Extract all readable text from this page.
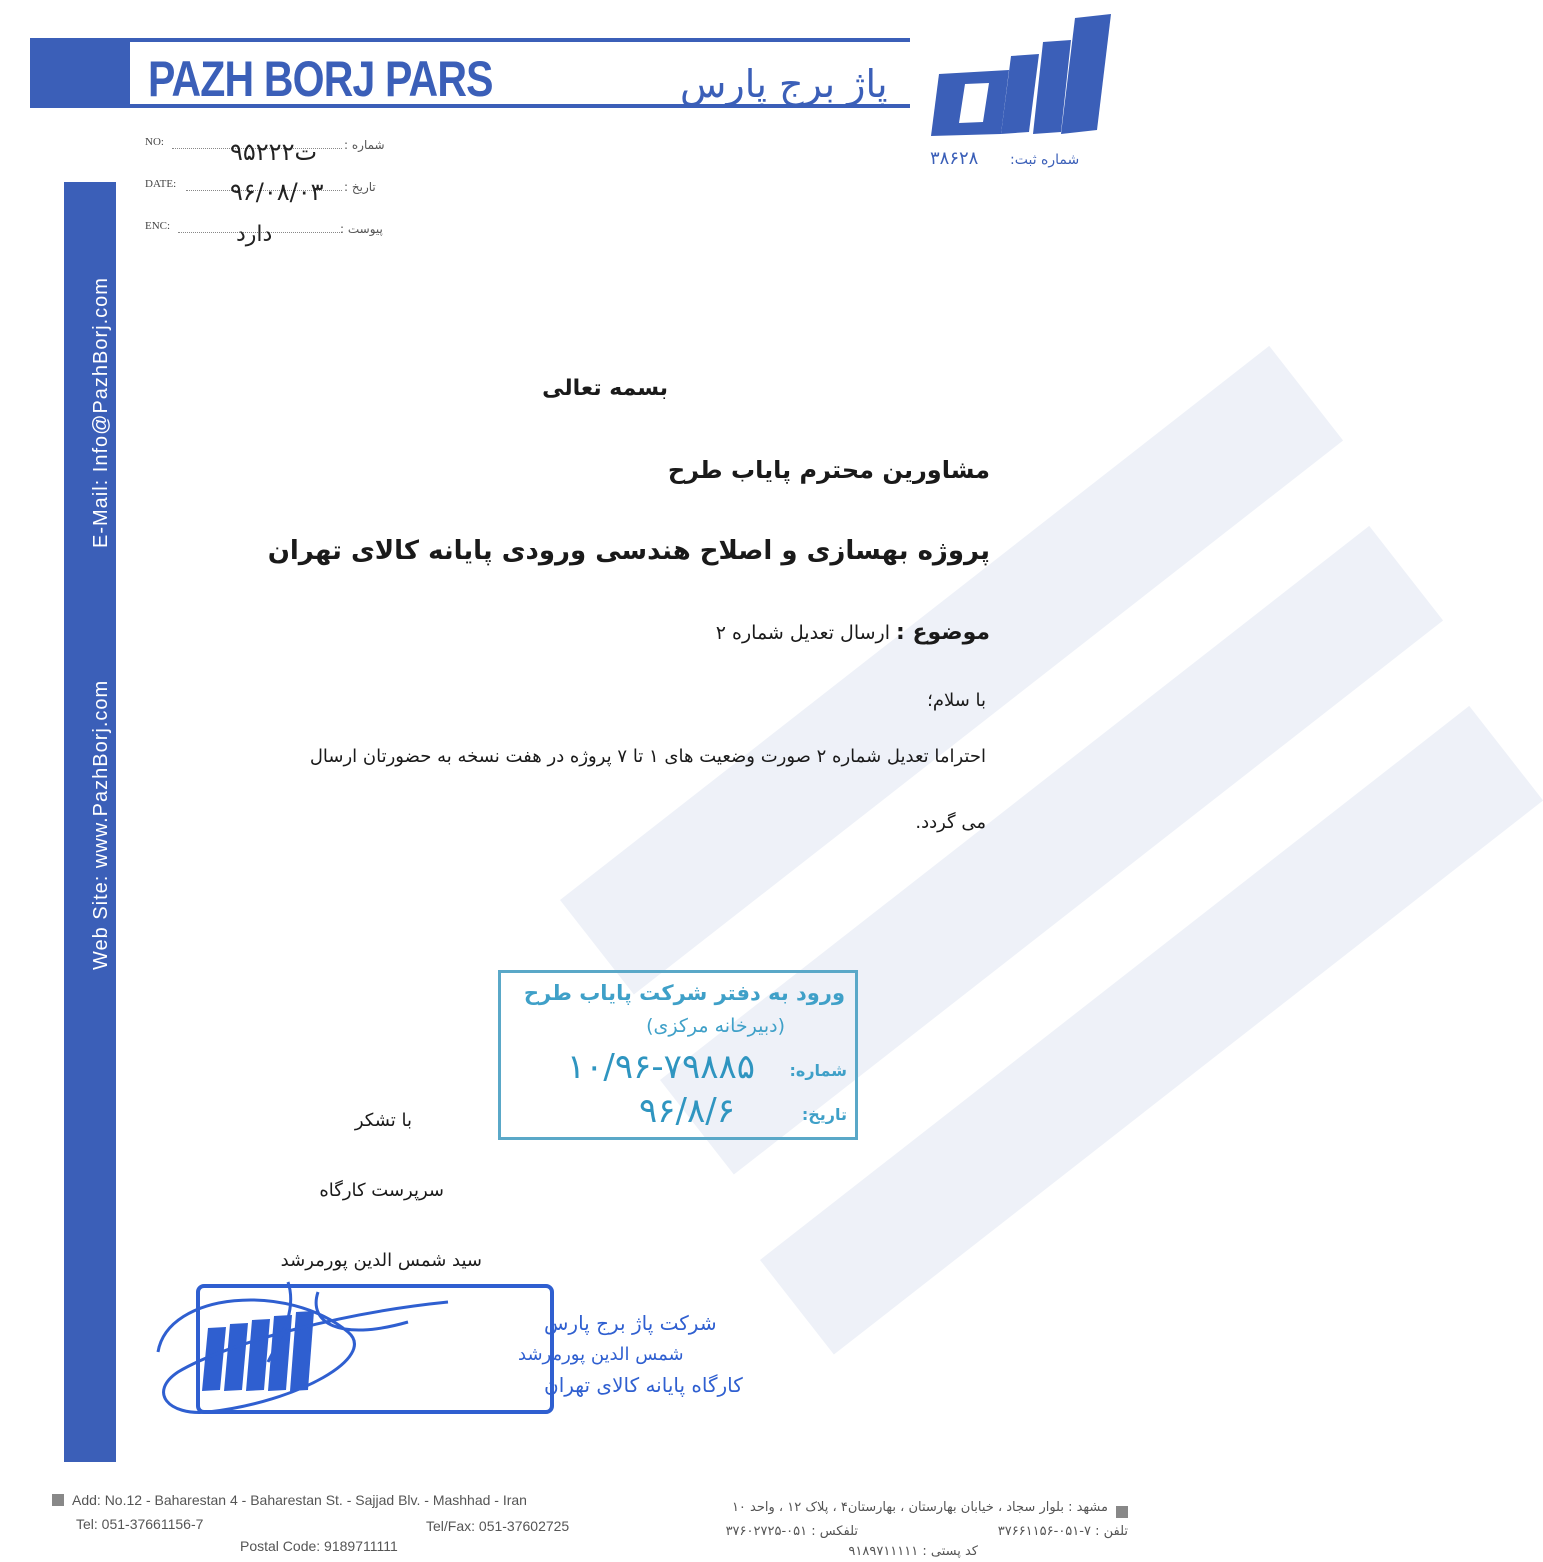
PAZH BORJ PARS	پاژ برج پارس
شماره ثبت:
۳۸۶۲۸
NO:	شماره :
۹۵ت۲۲۲
DATE:	تاریخ :
۹۶/۰۸/۰۳
ENC:	پیوست :
دارد
Web Site: www.PazhBorj.com
E-Mail: Info@PazhBorj.com	بسمه تعالی
مشاورین محترم پایاب طرح
پروژه بهسازی و اصلاح هندسی ورودی پایانه کالای تهران
موضوع : ارسال تعدیل شماره ۲
با سلام؛
احتراما تعدیل شماره ۲ صورت وضعیت های ۱ تا ۷ پروژه در هفت نسخه به حضورتان ارسال
می گردد.
ورود به دفتر شرکت پایاب طرح
(دبیرخانه مرکزی)
شماره:
۱۰/۹۶-۷۹۸۸۵
تاریخ:
۹۶/۸/۶
با تشکر
سرپرست کارگاه
سید شمس الدین پورمرشد
شرکت پاژ برج پارس
شمس الدین پورمرشد
کارگاه پایانه کالای تهران
Add: No.12 - Baharestan 4 - Baharestan St. - Sajjad Blv. - Mashhad - Iran
Tel: 051-37661156-7	Tel/Fax: 051-37602725
Postal Code: 9189711111
مشهد : بلوار سجاد ، خیابان بهارستان ، بهارستان۴ ، پلاک ۱۲ ، واحد ۱۰
تلفن : ۷-۰۵۱-۳۷۶۶۱۱۵۶
تلفکس : ۰۵۱-۳۷۶۰۲۷۲۵
کد پستی : ۹۱۸۹۷۱۱۱۱۱
